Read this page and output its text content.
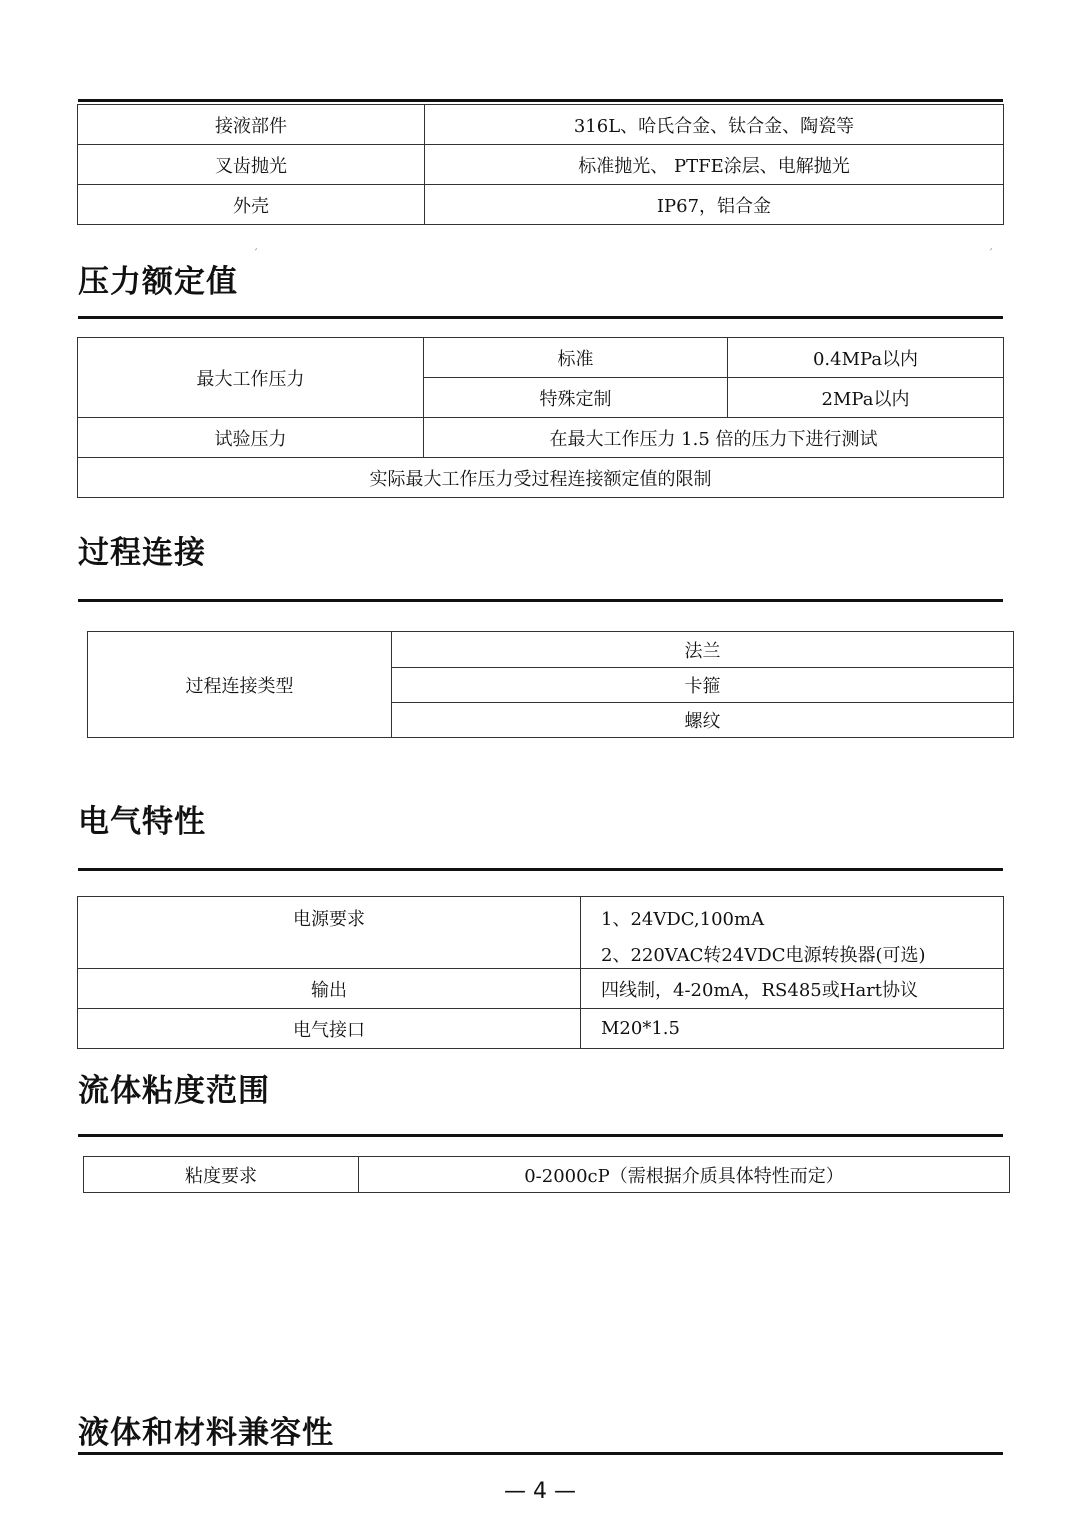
接液部件	316L、哈氏合金、钛合金、陶瓷等
叉齿抛光	标准抛光、 PTFE涂层、电解抛光
外壳	IP67，铝合金
压力额定值
′	′
最大工作压力	标准	0.4MPa以内
	特殊定制	2MPa以内
试验压力	在最大工作压力 1.5 倍的压力下进行测试	
实际最大工作压力受过程连接额定值的限制		
过程连接
过程连接类型	法兰
卡箍
螺纹
电气特性
电源要求	1、24VDC,100mA
2、220VAC转24VDC电源转换器(可选)

输出	四线制，4-20mA，RS485或Hart协议
电气接口	M20*1.5
流体粘度范围
粘度要求	0-2000cP（需根据介质具体特性而定）
液体和材料兼容性
— 4 —
